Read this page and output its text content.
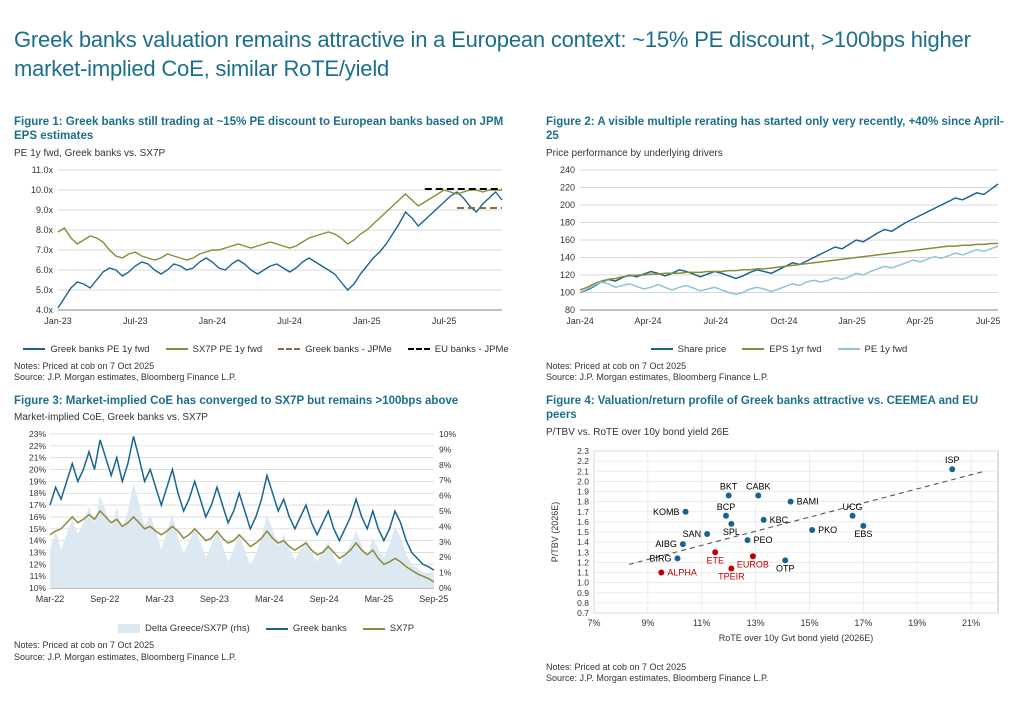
Greek banks valuation remains attractive in a European context: ~15% PE discount, >100bps higher market-implied CoE, similar RoTE/yield
Figure 1: Greek banks still trading at ~15% PE discount to European banks based on JPM EPS estimates
PE 1y fwd, Greek banks vs. SX7P
11.0x
10.0x
9.0x
8.0x
7.0x
6.0x
5.0x
4.0x
Jan-23	Jul-23	Jan-24	Jul-24	Jan-25	Jul-25
Greek banks PE 1y fwd	SX7P PE 1y fwd	Greek banks - JPMe	EU banks - JPMe
Notes: Priced at cob on 7 Oct 2025
Source: J.P. Morgan estimates, Bloomberg Finance L.P.
Figure 2: A visible multiple rerating has started only very recently, +40% since April-25
Price performance by underlying drivers
80
100
120
140
160
180
200
220
240
Jan-24	Apr-24	Jul-24	Oct-24	Jan-25	Apr-25	Jul-25
Share price	EPS 1yr fwd	PE 1y fwd
Notes: Priced at cob on 7 Oct 2025
Source: J.P. Morgan estimates, Bloomberg Finance L.P.
Figure 3: Market-implied CoE has converged to SX7P but remains >100bps above
Market-implied CoE, Greek banks vs. SX7P
10%
11%
12%
13%
14%
15%
16%
17%
18%
19%
20%
21%
22%
23%
0%
1%
2%
3%
4%
5%
6%
7%
8%
9%
10%
Mar-22	Sep-22	Mar-23	Sep-23	Mar-24	Sep-24	Mar-25	Sep-25
Delta Greece/SX7P (rhs)	Greek banks	SX7P
Notes: Priced at cob on 7 Oct 2025
Source: J.P. Morgan estimates, Bloomberg Finance L.P.
Figure 4: Valuation/return profile of Greek banks attractive vs. CEEMEA and EU peers
P/TBV vs. RoTE over 10y bond yield 26E
0.7
0.8
0.9
1.0
1.1
1.2
1.3
1.4
1.5
1.6
1.7
1.8
1.9
2.0
2.1
2.2
2.3
7%	9%	11%	13%	15%	17%	19%	21%
ISP
BKT CABK
BAMI
KOMB	BCP
SPL
KBC
UCG
EBS
PKO
SAN
PEO
AIBG
BIRG	ETE EUROB OTP
ALPHA TPEIR
RoTE over 10y Gvt bond yield (2026E)
P/TBV (2026E)
Notes: Priced at cob on 7 Oct 2025
Source: J.P. Morgan estimates, Bloomberg Finance L.P.
